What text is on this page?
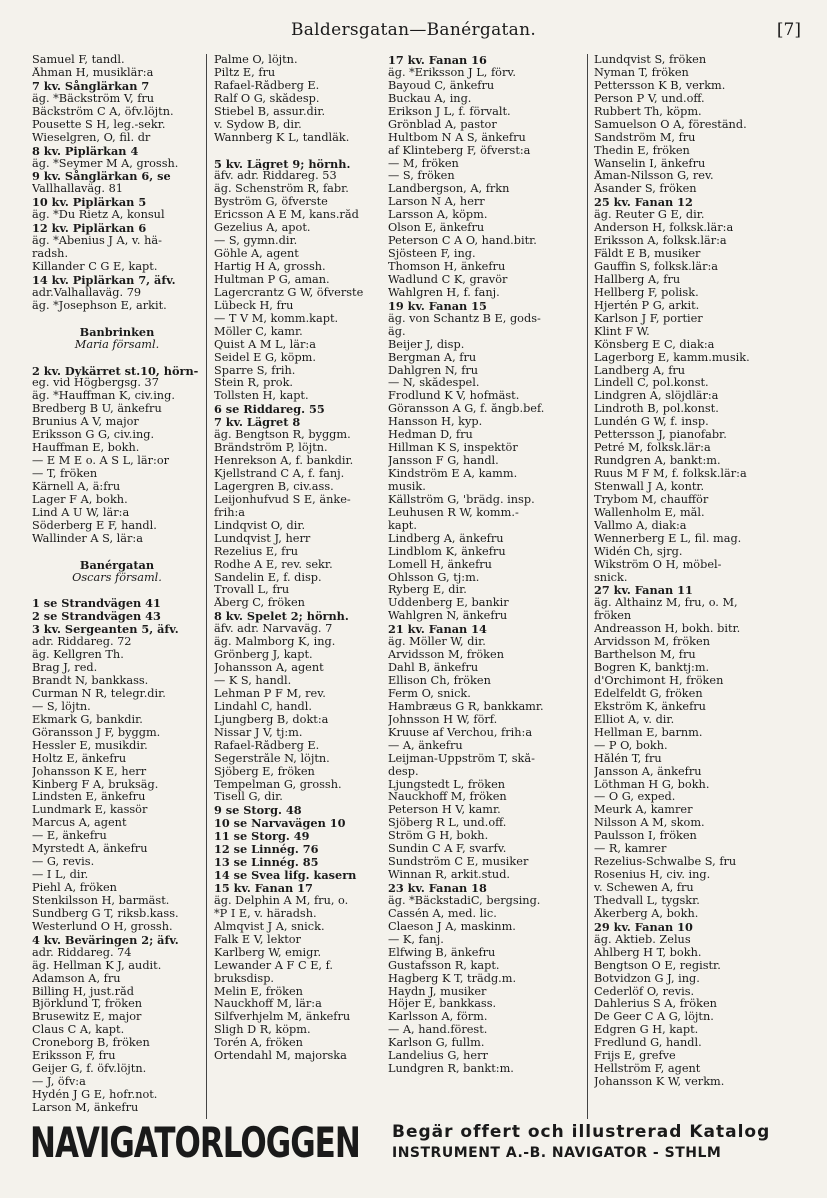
Baldersgatan—Banérgatan.	[7]
Samuel F, tandl.
Åhman H, musiklär:a
7 kv. Sånglärkan 7
äg. *Bäckström V, fru
Bäckström C A, öfv.löjtn.
Pousette S H, leg.-sekr.
Wieselgren, O, fil. dr
8 kv. Piplärkan 4
äg. *Seymer M A, grossh.
9 kv. Sånglärkan 6, se
Vallhallaväg. 81
10 kv. Piplärkan 5
äg. *Du Rietz A, konsul
12 kv. Piplärkan 6
äg. *Abenius J A, v. hä-
radsh.
Killander C G E, kapt.
14 kv. Piplärkan 7, äfv.
adr.Valhallaväg. 79
äg. *Josephson E, arkit.
Banbrinken
Maria församl.
2 kv. Dykärret st.10, hörn-
eg. vid Högbergsg. 37
äg. *Hauffman K, civ.ing.
Bredberg B U, änkefru
Brunius A V, major
Eriksson G G, civ.ing.
Hauffman E, bokh.
— E M E o. A S L, lär:or
— T, fröken
Kärnell A, ä:fru
Lager F A, bokh.
Lind A U W, lär:a
Söderberg E F, handl.
Wallinder A S, lär:a
Banérgatan
Oscars församl.
1 se Strandvägen 41
2 se Strandvägen 43
3 kv. Sergeanten 5, äfv.
adr. Riddareg. 72
äg. Kellgren Th.
Brag J, red.
Brandt N, bankkass.
Curman N R, telegr.dir.
— S, löjtn.
Ekmark G, bankdir.
Göransson J F, byggm.
Hessler E, musikdir.
Holtz E, änkefru
Johansson K E, herr
Kinberg F A, bruksäg.
Lindsten E, änkefru
Lundmark E, kassör
Marcus A, agent
— E, änkefru
Myrstedt A, änkefru
— G, revis.
— I L, dir.
Piehl A, fröken
Stenkilsson H, barmäst.
Sundberg G T, riksb.kass.
Westerlund O H, grossh.
4 kv. Beväringen 2; äfv.
adr. Riddareg. 74
äg. Hellman K J, audit.
Adamson A, fru
Billing H, just.råd
Björklund T, fröken
Brusewitz E, major
Claus C A, kapt.
Croneborg B, fröken
Eriksson F, fru
Geijer G, f. öfv.löjtn.
— J, öfv:a
Hydén J G E, hofr.not.
Larson M, änkefru
Palme O, löjtn.
Piltz E, fru
Rafael-Rådberg E.
Ralf O G, skådesp.
Stiebel B, assur.dir.
v. Sydow B, dir.
Wannberg K L, tandläk.
5 kv. Lägret 9; hörnh.
äfv. adr. Riddareg. 53
äg. Schenström R, fabr.
Byström G, öfverste
Ericsson A E M, kans.råd
Gezelius A, apot.
— S, gymn.dir.
Göhle A, agent
Hartig H A, grossh.
Hultman P G, aman.
Lagercrantz G W, öfverste
Lübeck H, fru
— T V M, komm.kapt.
Möller C, kamr.
Quist A M L, lär:a
Seidel E G, köpm.
Sparre S, frih.
Stein R, prok.
Tollsten H, kapt.
6 se Riddareg. 55
7 kv. Lägret 8
äg. Bengtson R, byggm.
Brändström P, löjtn.
Henrekson A, f. bankdir.
Kjellstrand C A, f. fanj.
Lagergren B, civ.ass.
Leijonhufvud S E, änke-
frih:a
Lindqvist O, dir.
Lundqvist J, herr
Rezelius E, fru
Rodhe A E, rev. sekr.
Sandelin E, f. disp.
Trovall L, fru
Åberg C, fröken
8 kv. Spelet 2; hörnh.
äfv. adr. Narvaväg. 7
äg. Malmborg K, ing.
Grönberg J, kapt.
Johansson A, agent
— K S, handl.
Lehman P F M, rev.
Lindahl C, handl.
Ljungberg B, dokt:a
Nissar J V, tj:m.
Rafael-Rådberg E.
Segerstråle N, löjtn.
Sjöberg E, fröken
Tempelman G, grossh.
Tisell G, dir.
9 se Storg. 48
10 se Narvavägen 10
11 se Storg. 49
12 se Linnég. 76
13 se Linnég. 85
14 se Svea lifg. kasern
15 kv. Fanan 17
äg. Delphin A M, fru, o.
*P I E, v. häradsh.
Almqvist J A, snick.
Falk E V, lektor
Karlberg W, emigr.
Lewander A F C E, f.
bruksdisp.
Melin E, fröken
Nauckhoff M, lär:a
Silfverhjelm M, änkefru
Sligh D R, köpm.
Torén A, fröken
Örtendahl M, majorska
17 kv. Fanan 16
äg. *Eriksson J L, förv.
Bayoud C, änkefru
Buckau A, ing.
Erikson J L, f. förvalt.
Grönblad A, pastor
Hultbom N A S, änkefru
af Klinteberg F, öfverst:a
— M, fröken
— S, fröken
Landbergson, A, frkn
Larson N A, herr
Larsson A, köpm.
Olson E, änkefru
Peterson C A O, hand.bitr.
Sjösteen F, ing.
Thomson H, änkefru
Wadlund C K, gravör
Wahlgren H, f. fanj.
19 kv. Fanan 15
äg. von Schantz B E, gods-
äg.
Beijer J, disp.
Bergman A, fru
Dahlgren N, fru
— N, skådespel.
Frodlund K V, hofmäst.
Göransson A G, f. ångb.bef.
Hansson H, kyp.
Hedman D, fru
Hillman K S, inspektör
Jansson F G, handl.
Kindström E A, kamm.
musik.
Källström G, 'brädg. insp.
Leuhusen R W, komm.-
kapt.
Lindberg A, änkefru
Lindblom K, änkefru
Lomell H, änkefru
Ohlsson G, tj:m.
Ryberg E, dir.
Uddenberg E, bankir
Wahlgren N, änkefru
21 kv. Fanan 14
äg. Möller W, dir.
Arvidsson M, fröken
Dahl B, änkefru
Ellison Ch, fröken
Ferm O, snick.
Hambræus G R, bankkamr.
Johnsson H W, förf.
Kruuse af Verchou, frih:a
— A, änkefru
Leijman-Uppström T, skå-
desp.
Ljungstedt L, fröken
Nauckhoff M, fröken
Peterson H V, kamr.
Sjöberg R L, und.off.
Ström G H, bokh.
Sundin C A F, svarfv.
Sundström C E, musiker
Winnan R, arkit.stud.
23 kv. Fanan 18
äg. *BäckstadiC, bergsing.
Cassén A, med. lic.
Claeson J A, maskinm.
— K, fanj.
Elfwing B, änkefru
Gustafsson R, kapt.
Hagberg K T, trädg.m.
Haydn J, musiker
Höjer E, bankkass.
Karlsson A, förm.
— A, hand.förest.
Karlson G, fullm.
Landelius G, herr
Lundgren R, bankt:m.
Lundqvist S, fröken
Nyman T, fröken
Pettersson K B, verkm.
Person P V, und.off.
Rubbert Th, köpm.
Samuelson O A, föreständ.
Sandström M, fru
Thedin E, fröken
Wanselin I, änkefru
Åman-Nilsson G, rev.
Åsander S, fröken
25 kv. Fanan 12
äg. Reuter G E, dir.
Anderson H, folksk.lär:a
Eriksson A, folksk.lär:a
Fäldt E B, musiker
Gauffin S, folksk.lär:a
Hallberg A, fru
Hellberg F, polisk.
Hjertén P G, arkit.
Karlson J F, portier
Klint F W.
Könsberg E C, diak:a
Lagerborg E, kamm.musik.
Landberg A, fru
Lindell C, pol.konst.
Lindgren A, slöjdlär:a
Lindroth B, pol.konst.
Lundén G W, f. insp.
Pettersson J, pianofabr.
Petré M, folksk.lär:a
Rundgren A, bankt:m.
Ruus M F M, f. folksk.lär:a
Stenwall J A, kontr.
Trybom M, chaufför
Wallenholm E, mål.
Vallmo A, diak:a
Wennerberg E L, fil. mag.
Widén Ch, sjrg.
Wikström O H, möbel-
snick.
27 kv. Fanan 11
äg. Althainz M, fru, o. M,
fröken
Andreasson H, bokh. bitr.
Arvidsson M, fröken
Barthelson M, fru
Bogren K, banktj:m.
d'Orchimont H, fröken
Edelfeldt G, fröken
Ekström K, änkefru
Elliot A, v. dir.
Hellman E, barnm.
— P O, bokh.
Hålén T, fru
Jansson A, änkefru
Löthman H G, bokh.
— O G, exped.
Meurk A, kamrer
Nilsson A M, skom.
Paulsson I, fröken
— R, kamrer
Rezelius-Schwalbe S, fru
Rosenius H, civ. ing.
v. Schewen A, fru
Thedvall L, tygskr.
Åkerberg A, bokh.
29 kv. Fanan 10
äg. Aktieb. Zelus
Ahlberg H T, bokh.
Bengtson O E, registr.
Botvidzon G J, ing.
Cederlöf O, revis.
Dahlerius S A, fröken
De Geer C A G, löjtn.
Edgren G H, kapt.
Fredlund G, handl.
Frijs E, grefve
Hellström F, agent
Johansson K W, verkm.
NAVIGATORLOGGEN Begär offert och illustrerad Katalog
INSTRUMENT A.-B. NAVIGATOR - STHLM
